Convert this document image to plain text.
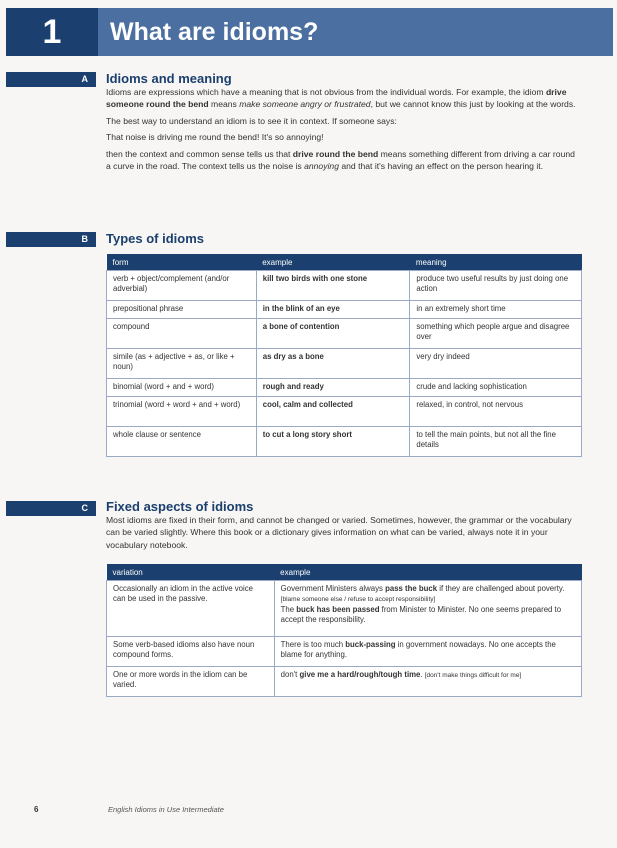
1	What are idioms?
A	Idioms and meaning

Idioms are expressions which have a meaning that is not obvious from the individual words. For example, the idiom drive someone round the bend means make someone angry or frustrated, but we cannot know this just by looking at the words.

The best way to understand an idiom is to see it in context. If someone says:

That noise is driving me round the bend! It's so annoying!

then the context and common sense tells us that drive round the bend means something different from driving a car round a curve in the road. The context tells us the noise is annoying and that it's having an effect on the person hearing it.

B	Types of idioms
form	example	meaning
verb + object/complement (and/or adverbial)	kill two birds with one stone	produce two useful results by just doing one action
prepositional phrase	in the blink of an eye	in an extremely short time
compound	a bone of contention	something which people argue and disagree over
simile (as + adjective + as, or like + noun)	as dry as a bone	very dry indeed
binomial (word + and + word)	rough and ready	crude and lacking sophistication
trinomial (word + word + and + word)	cool, calm and collected	relaxed, in control, not nervous
whole clause or sentence	to cut a long story short	to tell the main points, but not all the fine details
C	Fixed aspects of idioms

Most idioms are fixed in their form, and cannot be changed or varied. Sometimes, however, the grammar or the vocabulary can be varied slightly. Where this book or a dictionary gives information on what can be varied, always note it in your vocabulary notebook.

variation	example
Occasionally an idiom in the active voice can be used in the passive.	Government Ministers always pass the buck if they are challenged about poverty. [blame someone else / refuse to accept responsibility]
The buck has been passed from Minister to Minister. No one seems prepared to accept the responsibility.
Some verb-based idioms also have noun compound forms.	There is too much buck-passing in government nowadays. No one accepts the blame for anything.
One or more words in the idiom can be varied.	don't give me a hard/rough/tough time. [don't make things difficult for me]
6	English Idioms in Use Intermediate
